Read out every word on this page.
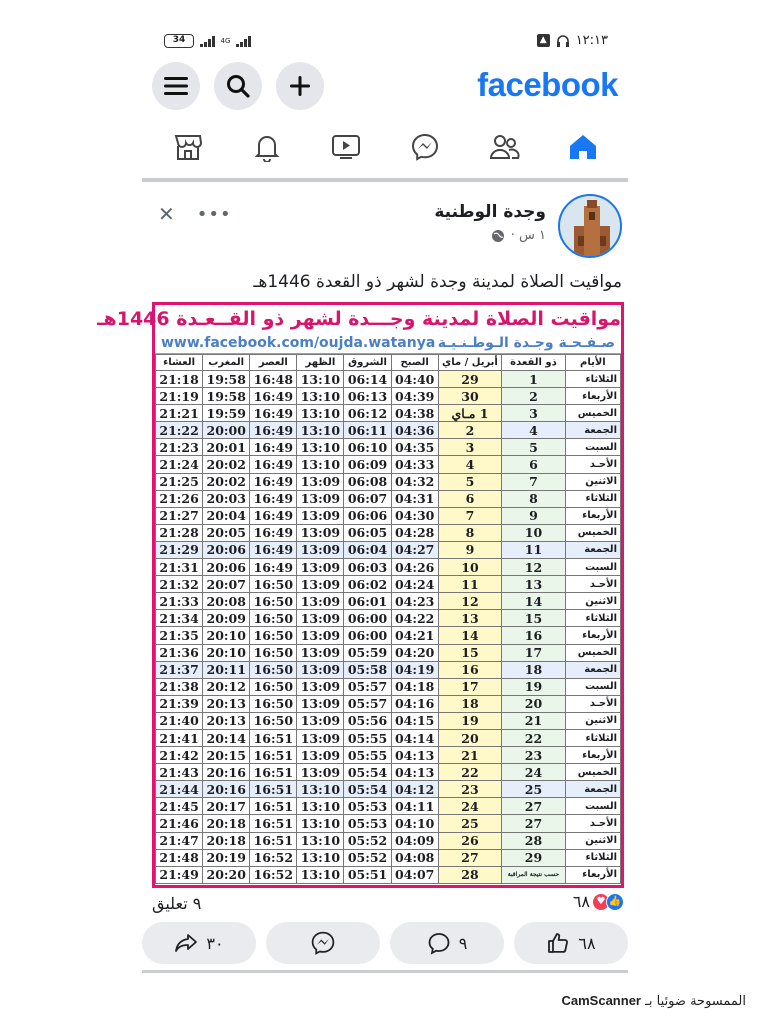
34	4G	▲ ١٢:١٣
facebook
✕ •••	وجدة الوطنية
١ س ·
مواقيت الصلاة لمدينة وجدة لشهر ذو القعدة 1446هـ
مواقيت الصلاة لمدينة وجـــدة لشهر ذو القــعـدة 1446هـ
www.facebook.com/oujda.watanya صـفـحـة وجـدة الـوطـنـيـة
الأيام	ذو القعدة	أبريل / ماي	الصبح	الشروق	الظهر	العصر	المغرب	العشاء
الثلاثاء	1	29	04:40	06:14	13:10	16:48	19:58	21:18
الأربعاء	2	30	04:39	06:13	13:10	16:49	19:58	21:19
الخميس	3	1 مـاي	04:38	06:12	13:10	16:49	19:59	21:21
الجمعة	4	2	04:36	06:11	13:10	16:49	20:00	21:22
السبت	5	3	04:35	06:10	13:10	16:49	20:01	21:23
الأحـد	6	4	04:33	06:09	13:10	16:49	20:02	21:24
الاثنين	7	5	04:32	06:08	13:09	16:49	20:02	21:25
الثلاثاء	8	6	04:31	06:07	13:09	16:49	20:03	21:26
الأربعاء	9	7	04:30	06:06	13:09	16:49	20:04	21:27
الخميس	10	8	04:28	06:05	13:09	16:49	20:05	21:28
الجمعة	11	9	04:27	06:04	13:09	16:49	20:06	21:29
السبت	12	10	04:26	06:03	13:09	16:49	20:06	21:31
الأحـد	13	11	04:24	06:02	13:09	16:50	20:07	21:32
الاثنين	14	12	04:23	06:01	13:09	16:50	20:08	21:33
الثلاثاء	15	13	04:22	06:00	13:09	16:50	20:09	21:34
الأربعاء	16	14	04:21	06:00	13:09	16:50	20:10	21:35
الخميس	17	15	04:20	05:59	13:09	16:50	20:10	21:36
الجمعة	18	16	04:19	05:58	13:09	16:50	20:11	21:37
السبت	19	17	04:18	05:57	13:09	16:50	20:12	21:38
الأحـد	20	18	04:16	05:57	13:09	16:50	20:13	21:39
الاثنين	21	19	04:15	05:56	13:09	16:50	20:13	21:40
الثلاثاء	22	20	04:14	05:55	13:09	16:51	20:14	21:41
الأربعاء	23	21	04:13	05:55	13:09	16:51	20:15	21:42
الخميس	24	22	04:13	05:54	13:09	16:51	20:16	21:43
الجمعة	25	23	04:12	05:54	13:10	16:51	20:16	21:44
السبت	27	24	04:11	05:53	13:10	16:51	20:17	21:45
الأحـد	27	25	04:10	05:53	13:10	16:51	20:18	21:46
الاثنين	28	26	04:09	05:52	13:10	16:51	20:18	21:47
الثلاثاء	29	27	04:08	05:52	13:10	16:52	20:19	21:48
الأربعاء	حسب نتيجة المراقبة	28	04:07	05:51	13:10	16:52	20:20	21:49
٩ تعليق	٦٨ ♥ 👍
٣٠	٩	٦٨
الممسوحة ضوئيا بـ CamScanner
